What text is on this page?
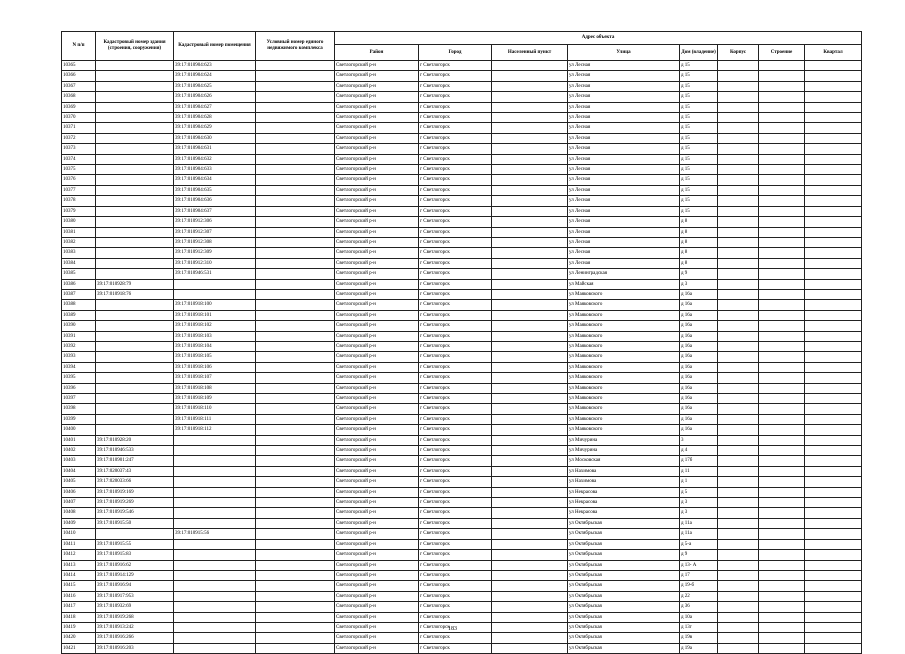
N п/п	Кадастровый номер здания (строения, сооружения)	Кадастровый номер помещения	Условный номер единого недвижимого комплекса	Адрес объекта							
				Район	Город	Населенный пункт	Улица	Дом (владение)	Корпус	Строение	Квартал
10365		39:17:010904:623		Светлогорский р-н	г Светлогорск		ул Лесная	д 15			
10366		39:17:010904:624		Светлогорский р-н	г Светлогорск		ул Лесная	д 15			
10367		39:17:010904:625		Светлогорский р-н	г Светлогорск		ул Лесная	д 15			
10368		39:17:010904:626		Светлогорский р-н	г Светлогорск		ул Лесная	д 15			
10369		39:17:010904:627		Светлогорский р-н	г Светлогорск		ул Лесная	д 15			
10370		39:17:010904:628		Светлогорский р-н	г Светлогорск		ул Лесная	д 15			
10371		39:17:010904:629		Светлогорский р-н	г Светлогорск		ул Лесная	д 15			
10372		39:17:010904:630		Светлогорский р-н	г Светлогорск		ул Лесная	д 15			
10373		39:17:010904:631		Светлогорский р-н	г Светлогорск		ул Лесная	д 15			
10374		39:17:010904:632		Светлогорский р-н	г Светлогорск		ул Лесная	д 15			
10375		39:17:010904:633		Светлогорский р-н	г Светлогорск		ул Лесная	д 15			
10376		39:17:010904:634		Светлогорский р-н	г Светлогорск		ул Лесная	д 15			
10377		39:17:010904:635		Светлогорский р-н	г Светлогорск		ул Лесная	д 15			
10378		39:17:010904:636		Светлогорский р-н	г Светлогорск		ул Лесная	д 15			
10379		39:17:010904:637		Светлогорский р-н	г Светлогорск		ул Лесная	д 15			
10380		39:17:010912:306		Светлогорский р-н	г Светлогорск		ул Лесная	д 8			
10381		39:17:010912:307		Светлогорский р-н	г Светлогорск		ул Лесная	д 8			
10382		39:17:010912:308		Светлогорский р-н	г Светлогорск		ул Лесная	д 8			
10383		39:17:010912:309		Светлогорский р-н	г Светлогорск		ул Лесная	д 8			
10384		39:17:010912:310		Светлогорский р-н	г Светлогорск		ул Лесная	д 8			
10385		39:17:010946:531		Светлогорский р-н	г Светлогорск		ул Ленинградская	д 9			
10386	39:17:010928:79			Светлогорский р-н	г Светлогорск		ул Майская	д 3			
10387	39:17:010918:76			Светлогорский р-н	г Светлогорск		ул Маяковского	д 16а			
10388		39:17:010918:100		Светлогорский р-н	г Светлогорск		ул Маяковского	д 16а			
10389		39:17:010918:101		Светлогорский р-н	г Светлогорск		ул Маяковского	д 16а			
10390		39:17:010918:102		Светлогорский р-н	г Светлогорск		ул Маяковского	д 16а			
10391		39:17:010918:103		Светлогорский р-н	г Светлогорск		ул Маяковского	д 16а			
10392		39:17:010918:104		Светлогорский р-н	г Светлогорск		ул Маяковского	д 16а			
10393		39:17:010918:105		Светлогорский р-н	г Светлогорск		ул Маяковского	д 16а			
10394		39:17:010918:106		Светлогорский р-н	г Светлогорск		ул Маяковского	д 16а			
10395		39:17:010918:107		Светлогорский р-н	г Светлогорск		ул Маяковского	д 16а			
10396		39:17:010918:108		Светлогорский р-н	г Светлогорск		ул Маяковского	д 16а			
10397		39:17:010918:109		Светлогорский р-н	г Светлогорск		ул Маяковского	д 16а			
10398		39:17:010918:110		Светлогорский р-н	г Светлогорск		ул Маяковского	д 16а			
10399		39:17:010918:111		Светлогорский р-н	г Светлогорск		ул Маяковского	д 16а			
10400		39:17:010918:112		Светлогорский р-н	г Светлогорск		ул Маяковского	д 16а			
10401	39:17:010928:20			Светлогорский р-н	г Светлогорск		ул Мичурина	3			
10402	39:17:010946:533			Светлогорский р-н	г Светлогорск		ул Мичурина	д 4			
10403	39:17:010901:247			Светлогорский р-н	г Светлогорск		ул Московская	д 17б			
10404	39:17:020037:43			Светлогорский р-н	г Светлогорск		ул Нахимова	д 11			
10405	39:17:020033:66			Светлогорский р-н	г Светлогорск		ул Нахимова	д 1			
10406	39:17:010919:169			Светлогорский р-н	г Светлогорск		ул Некрасова	д 5			
10407	39:17:010919:269			Светлогорский р-н	г Светлогорск		ул Некрасова	д 3			
10408	39:17:010919:546			Светлогорский р-н	г Светлогорск		ул Некрасова	д 3			
10409	39:17:010915:50			Светлогорский р-н	г Светлогорск		ул Октябрьская	д 11а			
10410		39:17:010915:56		Светлогорский р-н	г Светлогорск		ул Октябрьская	д 11а			
10411	39:17:010915:55			Светлогорский р-н	г Светлогорск		ул Октябрьская	д 5-а			
10412	39:17:010915:83			Светлогорский р-н	г Светлогорск		ул Октябрьская	д 9			
10413	39:17:010916:62			Светлогорский р-н	г Светлогорск		ул Октябрьская	д 13- А			
10414	39:17:010914:129			Светлогорский р-н	г Светлогорск		ул Октябрьская	д 17			
10415	39:17:010916:94			Светлогорский р-н	г Светлогорск		ул Октябрьская	д 19-б			
10416	39:17:010917:953			Светлогорский р-н	г Светлогорск		ул Октябрьская	д 22			
10417	39:17:010932:69			Светлогорский р-н	г Светлогорск		ул Октябрьская	д 36			
10418	39:17:010919:268			Светлогорский р-н	г Светлогорск		ул Октябрьская	д 10а			
10419	39:17:010913:242			Светлогорский р-н	г Светлогорск		ул Октябрьская	д 13г			
10420	39:17:010916:266			Светлогорский р-н	г Светлогорск		ул Октябрьская	д 19в			
10421	39:17:010916:203			Светлогорский р-н	г Светлогорск		ул Октябрьская	д 19а			
183
